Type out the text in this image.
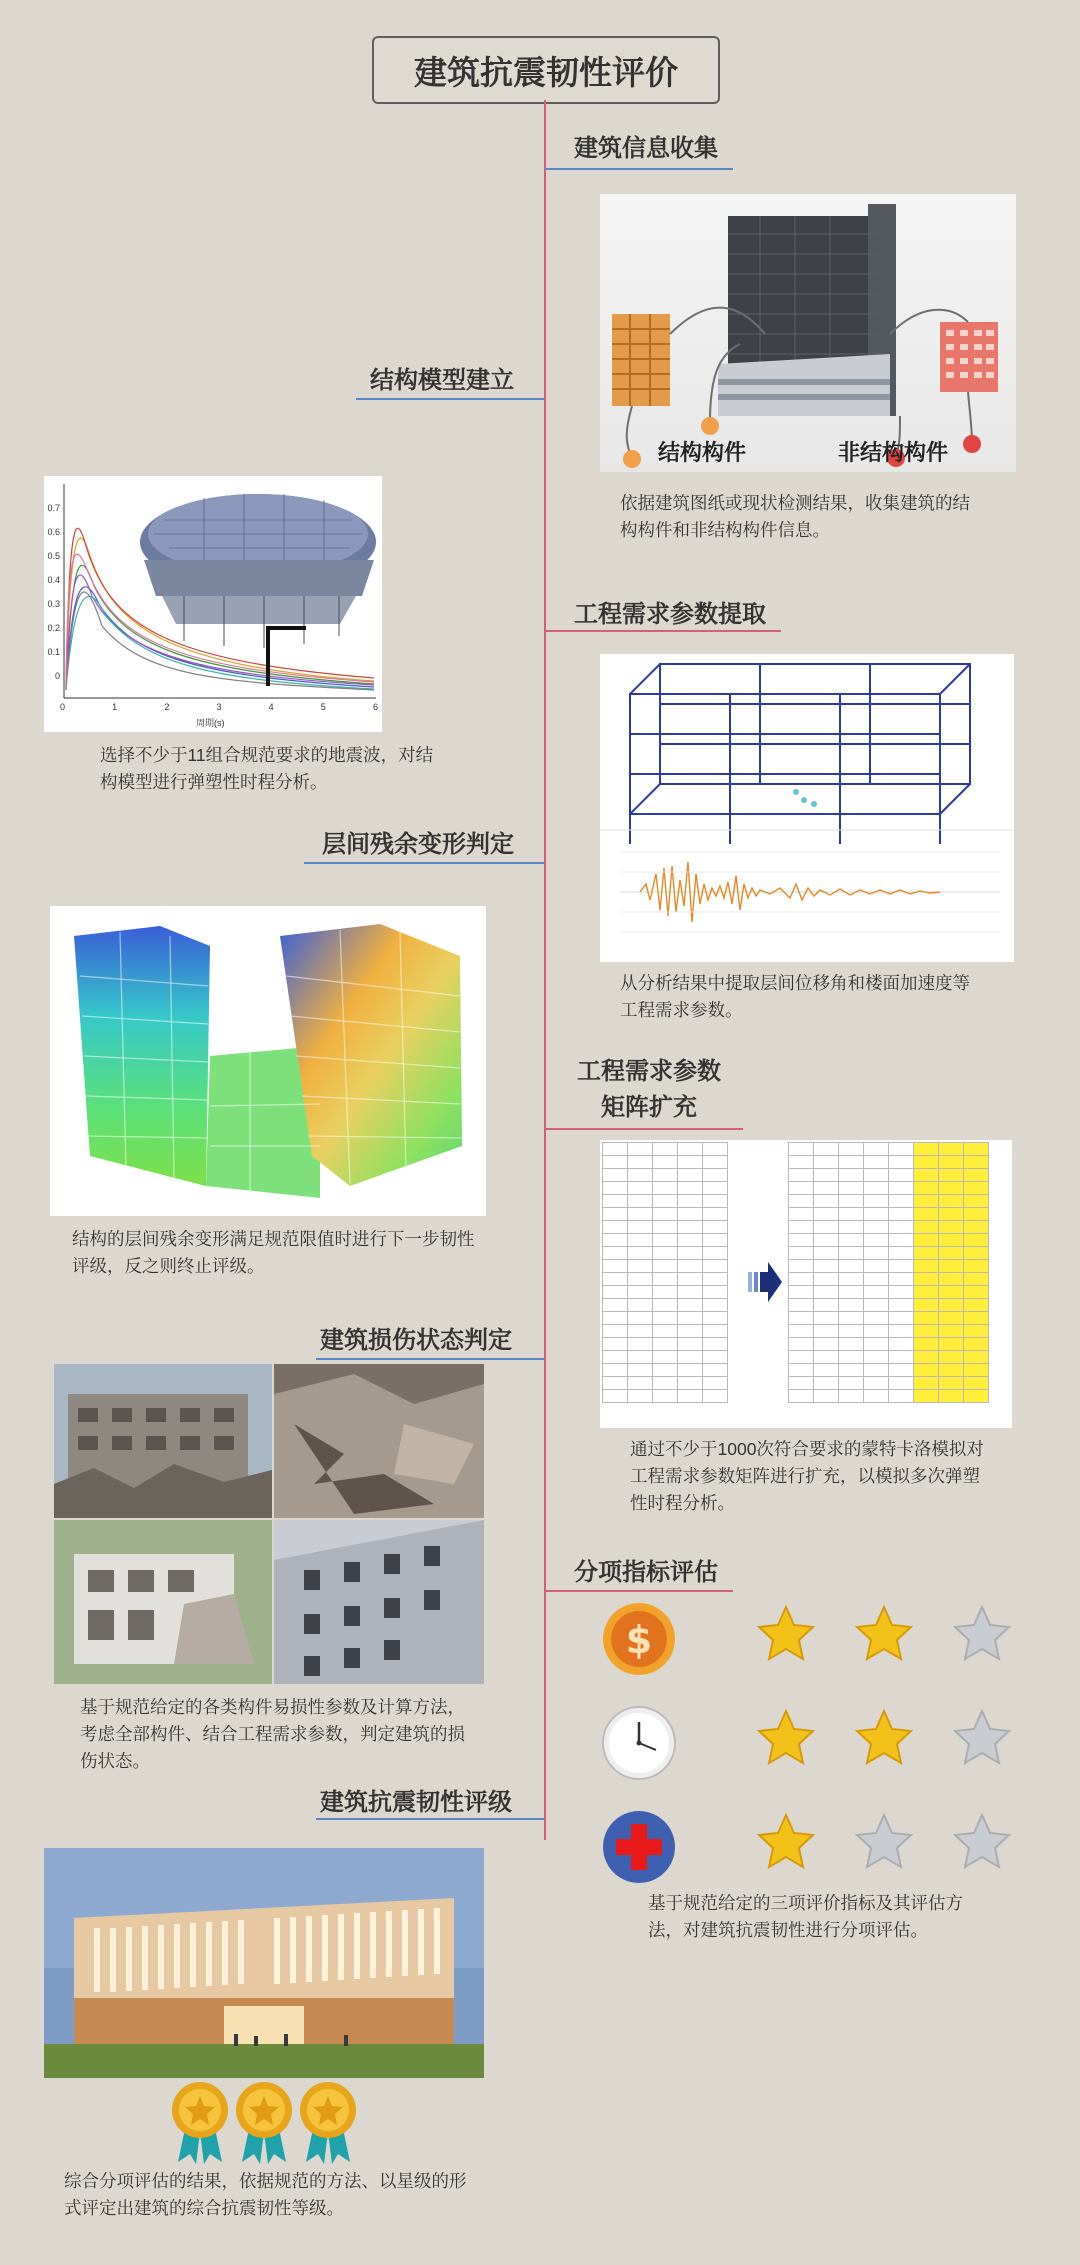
建筑抗震韧性评价
建筑信息收集
结构构件	非结构构件
依据建筑图纸或现状检测结果，收集建筑的结构构件和非结构构件信息。
结构模型建立
0.7
0.6
0.5
0.4
0.3
0.2
0.1
0
0	1	2	3	4	5	6
周期(s)
选择不少于11组合规范要求的地震波，对结构模型进行弹塑性时程分析。
工程需求参数提取
从分析结果中提取层间位移角和楼面加速度等工程需求参数。
层间残余变形判定
结构的层间残余变形满足规范限值时进行下一步韧性评级，反之则终止评级。
工程需求参数
矩阵扩充

通过不少于1000次符合要求的蒙特卡洛模拟对工程需求参数矩阵进行扩充，以模拟多次弹塑性时程分析。
建筑损伤状态判定
基于规范给定的各类构件易损性参数及计算方法，考虑全部构件、结合工程需求参数，判定建筑的损伤状态。
分项指标评估
$
基于规范给定的三项评价指标及其评估方法，对建筑抗震韧性进行分项评估。
建筑抗震韧性评级
综合分项评估的结果，依据规范的方法、以星级的形式评定出建筑的综合抗震韧性等级。
